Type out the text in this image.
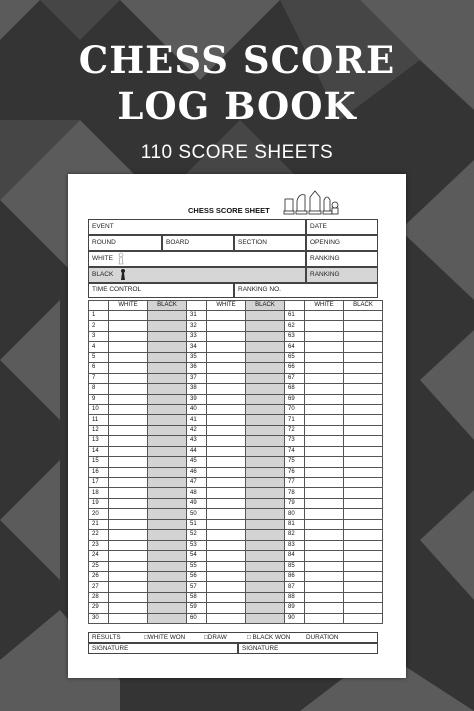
CHESS SCORE
LOG BOOK
110 SCORE SHEETS
CHESS SCORE SHEET
EVENT	DATE
ROUND	BOARD	SECTION	OPENING
WHITE	RANKING
BLACK	RANKING
TIME CONTROL	RANKING NO.
	WHITE	BLACK		WHITE	BLACK		WHITE	BLACK
1			31			61		
2			32			62		
3			33			63		
4			34			64		
5			35			65		
6			36			66		
7			37			67		
8			38			68		
9			39			69		
10			40			70		
11			41			71		
12			42			72		
13			43			73		
14			44			74		
15			45			75		
16			46			76		
17			47			77		
18			48			78		
19			49			79		
20			50			80		
21			51			81		
22			52			82		
23			53			83		
24			54			84		
25			55			85		
26			56			86		
27			57			87		
28			58			88		
29			59			89		
30			60			90		
RESULTS	□WHITE WON	□DRAW	□ BLACK WON DURATION
SIGNATURE	SIGNATURE
